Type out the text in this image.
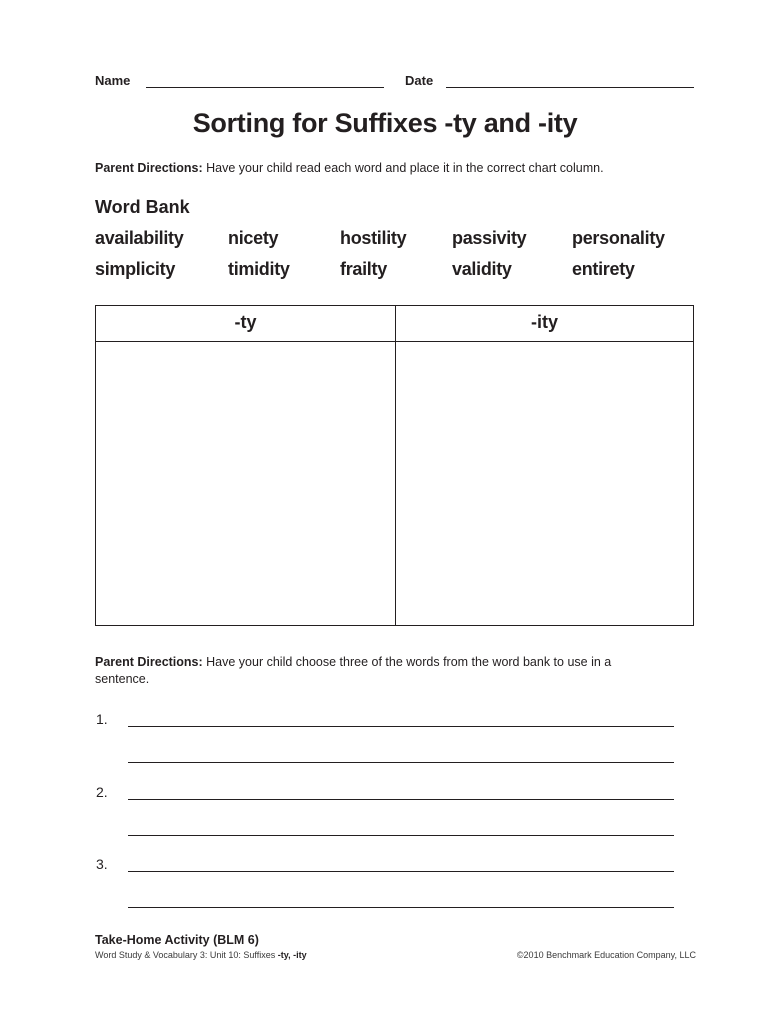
Name	Date
Sorting for Suffixes -ty and -ity
Parent Directions: Have your child read each word and place it in the correct chart column.
Word Bank
availability nicety	hostility	passivity	personality
simplicity	timidity	frailty	validity	entirety
-ty	-ity
Parent Directions: Have your child choose three of the words from the word bank to use in a sentence.
1.
2.
3.
Take-Home Activity (BLM 6)
Word Study & Vocabulary 3: Unit 10: Suffixes -ty, -ity	©2010 Benchmark Education Company, LLC
